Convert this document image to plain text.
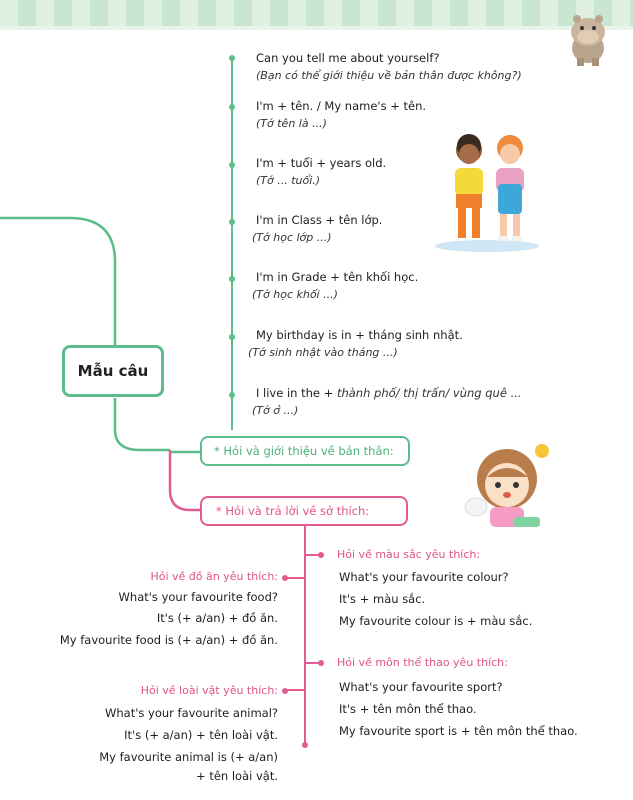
Mẫu câu
* Hỏi và giới thiệu về bản thân:
* Hỏi và trả lời về sở thích:
Can you tell me about yourself?
(Bạn có thể giới thiệu về bản thân được không?)
I'm + tên. / My name's + tên.
(Tớ tên là ...)
I'm + tuổi + years old.
(Tớ ... tuổi.)
I'm in Class + tên lớp.
(Tớ học lớp ...)
I'm in Grade + tên khối học.
(Tớ học khối ...)
My birthday is in + tháng sinh nhật.
(Tớ sinh nhật vào tháng ...)
I live in the + thành phố/ thị trấn/ vùng quê ...
(Tớ ở ...)
Hỏi về đồ ăn yêu thích:
What's your favourite food?
It's (+ a/an) + đồ ăn.
My favourite food is (+ a/an) + đồ ăn.
Hỏi về loài vật yêu thích:
What's your favourite animal?
It's (+ a/an) + tên loài vật.
My favourite animal is (+ a/an)
+ tên loài vật.
Hỏi về màu sắc yêu thích:
What's your favourite colour?
It's + màu sắc.
My favourite colour is + màu sắc.
Hỏi về môn thể thao yêu thích:
What's your favourite sport?
It's + tên môn thể thao.
My favourite sport is + tên môn thể thao.
